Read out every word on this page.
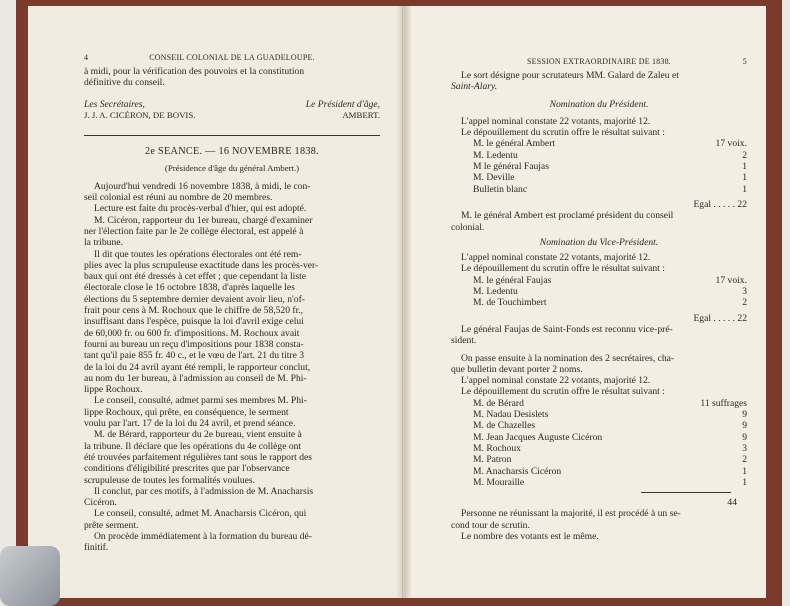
4	CONSEIL COLONIAL DE LA GUADELOUPE.

à midi, pour la vérification des pouvoirs et la constitution

définitive du conseil.

Les Secrétaires,	Le Président d'âge,
J. J. A. CICÉRON, DE BOVIS.	AMBERT.
2e SEANCE. — 16 NOVEMBRE 1838.

(Présidence d'âge du général Ambert.)

Aujourd'hui vendredi 16 novembre 1838, à midi, le con-

seil colonial est réuni au nombre de 20 membres.

Lecture est faite du procès-verbal d'hier, qui est adopté.

M. Cicéron, rapporteur du 1er bureau, chargé d'examiner

ner l'élection faite par le 2e collège électoral, est appelé à

la tribune.

Il dit que toutes les opérations électorales ont été rem-

plies avec la plus scrupuleuse exactitude dans les procès-ver-

baux qui ont été dressés à cet effet ; que cependant la liste

électorale close le 16 octobre 1838, d'après laquelle les

élections du 5 septembre dernier devaient avoir lieu, n'of-

frait pour cens à M. Rochoux que le chiffre de 58,520 fr.,

insuffisant dans l'espèce, puisque la loi d'avril exige celui

de 60,000 fr. ou 600 fr. d'impositions. M. Rochoux avait

fourni au bureau un reçu d'impositions pour 1838 consta-

tant qu'il paie 855 fr. 40 c., et le vœu de l'art. 21 du titre 3

de la loi du 24 avril ayant été rempli, le rapporteur conclut,

au nom du 1er bureau, à l'admission au conseil de M. Phi-

lippe Rochoux.

Le conseil, consulté, admet parmi ses membres M. Phi-

lippe Rochoux, qui prête, en conséquence, le serment

voulu par l'art. 17 de la loi du 24 avril, et prend séance.

M. de Bérard, rapporteur du 2e bureau, vient ensuite à

la tribune. Il déclare que les opérations du 4e collège ont

été trouvées parfaitement régulières tant sous le rapport des

conditions d'éligibilité prescrites que par l'observance

scrupuleuse de toutes les formalités voulues.

Il conclut, par ces motifs, à l'admission de M. Anacharsis

Cicéron.

Le conseil, consulté, admet M. Anacharsis Cicéron, qui

prête serment.

On procède immédiatement à la formation du bureau dé-

finitif.

SESSION EXTRAORDINAIRE DE 1838.	5

Le sort désigne pour scrutateurs MM. Galard de Zaleu et

Saint-Alary.

Nomination du Président.

L'appel nominal constate 22 votants, majorité 12.

Le dépouillement du scrutin offre le résultat suivant :

M. le général Ambert	17 voix.
M. Ledentu	2
M le général Faujas	1
M. Deville	1
Bulletin blanc	1

Egal . . . . . 22

M. le général Ambert est proclamé président du conseil

colonial.

Nomination du Vice-Président.

L'appel nominal constate 22 votants, majorité 12.

Le dépouillement du scrutin offre le résultat suivant :

M. le général Faujas	17 voix.
M. Ledentu	3
M. de Touchimbert	2

Egal . . . . . 22

Le général Faujas de Saint-Fonds est reconnu vice-pré-

sident.

On passe ensuite à la nomination des 2 secrétaires, cha-

que bulletin devant porter 2 noms.

L'appel nominal constate 22 votants, majorité 12.

Le dépouillement du scrutin offre le résultat suivant :

M. de Bérard	11 suffrages
M. Nadau Desislets	9
M. de Chazelles	9
M. Jean Jacques Auguste Cicéron	9
M. Rochoux	3
M. Patron	2
M. Anacharsis Cicéron	1
M. Mouraille	1

44

Personne ne réunissant la majorité, il est procédé à un se-

cond tour de scrutin.

Le nombre des votants est le même.
